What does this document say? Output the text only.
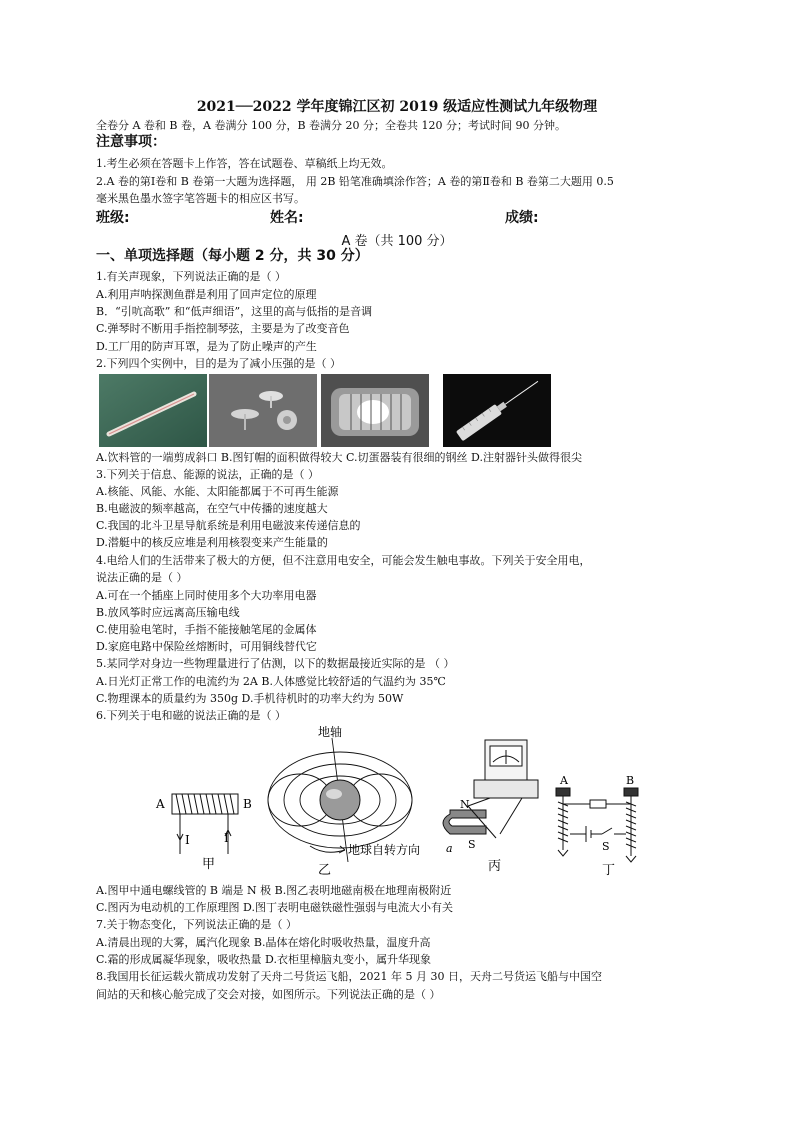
2021──2022 学年度锦江区初 2019 级适应性测试九年级物理
全卷分 A 卷和 B 卷，A 卷满分 100 分，B 卷满分 20 分；全卷共 120 分；考试时间 90 分钟。
注意事项：
1.考生必须在答题卡上作答，答在试题卷、草稿纸上均无效。
2.A 卷的第Ⅰ卷和 B 卷第一大题为选择题， 用 2B 铅笔准确填涂作答；A 卷的第Ⅱ卷和 B 卷第二大题用 0.5
毫米黑色墨水签字笔答题卡的相应区书写。
班级:	姓名:	成绩:
A 卷（共 100 分）
一、单项选择题（每小题 2 分，共 30 分）
1.有关声现象，下列说法正确的是（ ）
A.利用声呐探测鱼群是利用了回声定位的原理
B．“引吭高歌” 和“低声细语”，这里的高与低指的是音调
C.弹琴时不断用手指控制琴弦，主要是为了改变音色
D.工厂用的防声耳罩，是为了防止噪声的产生
2.下列四个实例中，目的是为了减小压强的是（ ）
A.饮料管的一端剪成斜口 B.图钉帽的面积做得较大 C.切蛋器装有很细的钢丝 D.注射器针头做得很尖
3.下列关于信息、能源的说法，正确的是（ ）
A.核能、风能、水能、太阳能都属于不可再生能源
B.电磁波的频率越高，在空气中传播的速度越大
C.我国的北斗卫星导航系统是利用电磁波来传递信息的
D.潜艇中的核反应堆是利用核裂变来产生能量的
4.电给人们的生活带来了极大的方便，但不注意用电安全，可能会发生触电事故。下列关于安全用电，
说法正确的是（ ）
A.可在一个插座上同时使用多个大功率用电器
B.放风筝时应远离高压输电线
C.使用验电笔时，手指不能接触笔尾的金属体
D.家庭电路中保险丝熔断时，可用铜线替代它
5.某同学对身边一些物理量进行了估测，以下的数据最接近实际的是 （ ）
A.日光灯正常工作的电流约为 2A B.人体感觉比较舒适的气温约为 35℃
C.物理课本的质量约为 350g D.手机待机时的功率大约为 50W
6.下列关于电和磁的说法正确的是（ ）
A	B
I	I
甲
地轴
地球自转方向
乙
N
S
a
丙
A	B
S
丁
A.图甲中通电螺线管的 B 端是 N 极 B.图乙表明地磁南极在地理南极附近
C.图丙为电动机的工作原理图 D.图丁表明电磁铁磁性强弱与电流大小有关
7.关于物态变化，下列说法正确的是（ ）
A.清晨出现的大雾，属汽化现象 B.晶体在熔化时吸收热量，温度升高
C.霜的形成属凝华现象，吸收热量 D.衣柜里樟脑丸变小，属升华现象
8.我国用长征运载火箭成功发射了天舟二号货运飞船，2021 年 5 月 30 日，天舟二号货运飞船与中国空
间站的天和核心舱完成了交会对接，如图所示。下列说法正确的是（ ）
